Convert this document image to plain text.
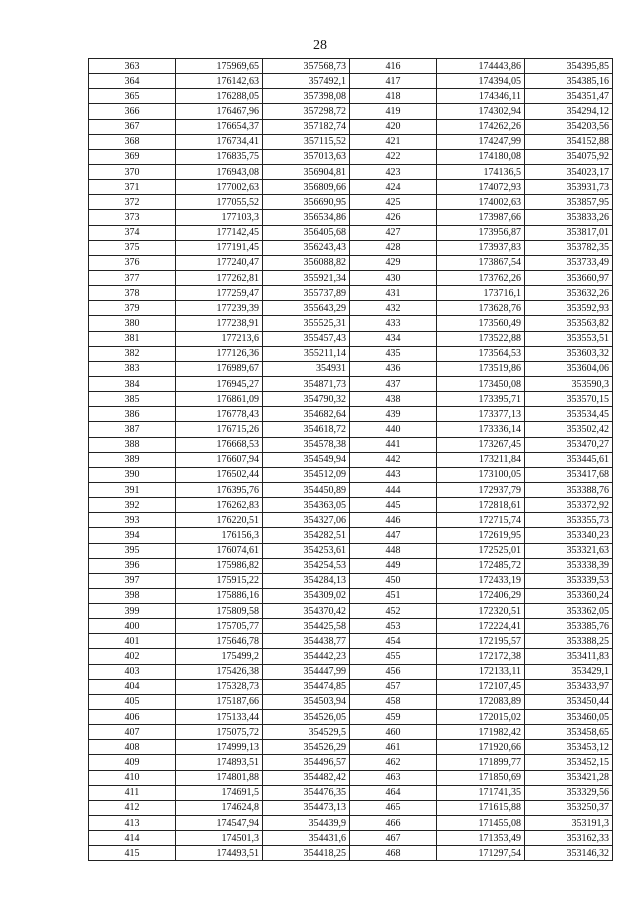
28
363	175969,65	357568,73	416	174443,86	354395,85
364	176142,63	357492,1	417	174394,05	354385,16
365	176288,05	357398,08	418	174346,11	354351,47
366	176467,96	357298,72	419	174302,94	354294,12
367	176654,37	357182,74	420	174262,26	354203,56
368	176734,41	357115,52	421	174247,99	354152,88
369	176835,75	357013,63	422	174180,08	354075,92
370	176943,08	356904,81	423	174136,5	354023,17
371	177002,63	356809,66	424	174072,93	353931,73
372	177055,52	356690,95	425	174002,63	353857,95
373	177103,3	356534,86	426	173987,66	353833,26
374	177142,45	356405,68	427	173956,87	353817,01
375	177191,45	356243,43	428	173937,83	353782,35
376	177240,47	356088,82	429	173867,54	353733,49
377	177262,81	355921,34	430	173762,26	353660,97
378	177259,47	355737,89	431	173716,1	353632,26
379	177239,39	355643,29	432	173628,76	353592,93
380	177238,91	355525,31	433	173560,49	353563,82
381	177213,6	355457,43	434	173522,88	353553,51
382	177126,36	355211,14	435	173564,53	353603,32
383	176989,67	354931	436	173519,86	353604,06
384	176945,27	354871,73	437	173450,08	353590,3
385	176861,09	354790,32	438	173395,71	353570,15
386	176778,43	354682,64	439	173377,13	353534,45
387	176715,26	354618,72	440	173336,14	353502,42
388	176668,53	354578,38	441	173267,45	353470,27
389	176607,94	354549,94	442	173211,84	353445,61
390	176502,44	354512,09	443	173100,05	353417,68
391	176395,76	354450,89	444	172937,79	353388,76
392	176262,83	354363,05	445	172818,61	353372,92
393	176220,51	354327,06	446	172715,74	353355,73
394	176156,3	354282,51	447	172619,95	353340,23
395	176074,61	354253,61	448	172525,01	353321,63
396	175986,82	354254,53	449	172485,72	353338,39
397	175915,22	354284,13	450	172433,19	353339,53
398	175886,16	354309,02	451	172406,29	353360,24
399	175809,58	354370,42	452	172320,51	353362,05
400	175705,77	354425,58	453	172224,41	353385,76
401	175646,78	354438,77	454	172195,57	353388,25
402	175499,2	354442,23	455	172172,38	353411,83
403	175426,38	354447,99	456	172133,11	353429,1
404	175328,73	354474,85	457	172107,45	353433,97
405	175187,66	354503,94	458	172083,89	353450,44
406	175133,44	354526,05	459	172015,02	353460,05
407	175075,72	354529,5	460	171982,42	353458,65
408	174999,13	354526,29	461	171920,66	353453,12
409	174893,51	354496,57	462	171899,77	353452,15
410	174801,88	354482,42	463	171850,69	353421,28
411	174691,5	354476,35	464	171741,35	353329,56
412	174624,8	354473,13	465	171615,88	353250,37
413	174547,94	354439,9	466	171455,08	353191,3
414	174501,3	354431,6	467	171353,49	353162,33
415	174493,51	354418,25	468	171297,54	353146,32
